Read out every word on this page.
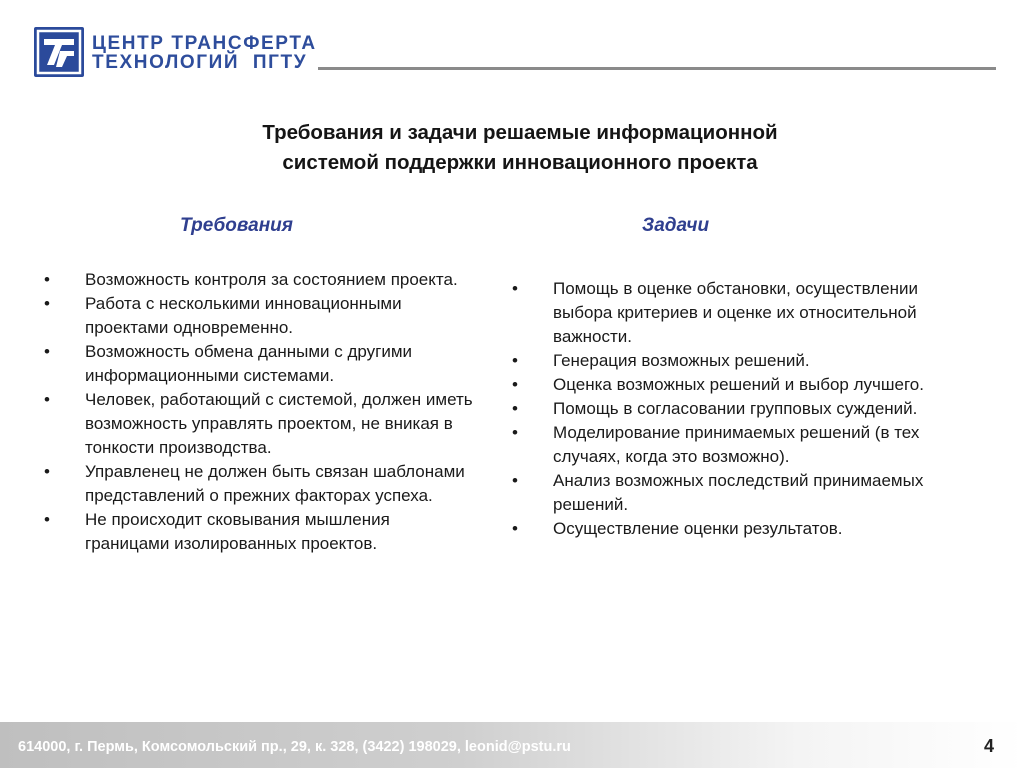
ЦЕНТР ТРАНСФЕРТА
ТЕХНОЛОГИЙ  ПГТУ
Требования и задачи решаемые информационной
системой поддержки инновационного проекта
Требования
• Возможность контроля за состоянием проекта.
• Работа с несколькими инновационными проектами одновременно.
• Возможность обмена данными с другими информационными системами.
• Человек, работающий с системой, должен иметь возможность управлять проектом, не вникая в тонкости производства.
• Управленец не должен быть связан шаблонами представлений о прежних факторах успеха.
• Не происходит сковывания мышления границами изолированных проектов.
Задачи
• Помощь в оценке обстановки, осуществлении выбора критериев и оценке их относительной важности.
• Генерация возможных решений.
• Оценка возможных решений и выбор лучшего.
• Помощь в согласовании групповых суждений.
• Моделирование принимаемых решений (в тех случаях, когда это возможно).
• Анализ возможных последствий принимаемых решений.
• Осуществление оценки результатов.
614000, г. Пермь, Комсомольский пр., 29, к. 328, (3422) 198029, leonid@pstu.ru	4
